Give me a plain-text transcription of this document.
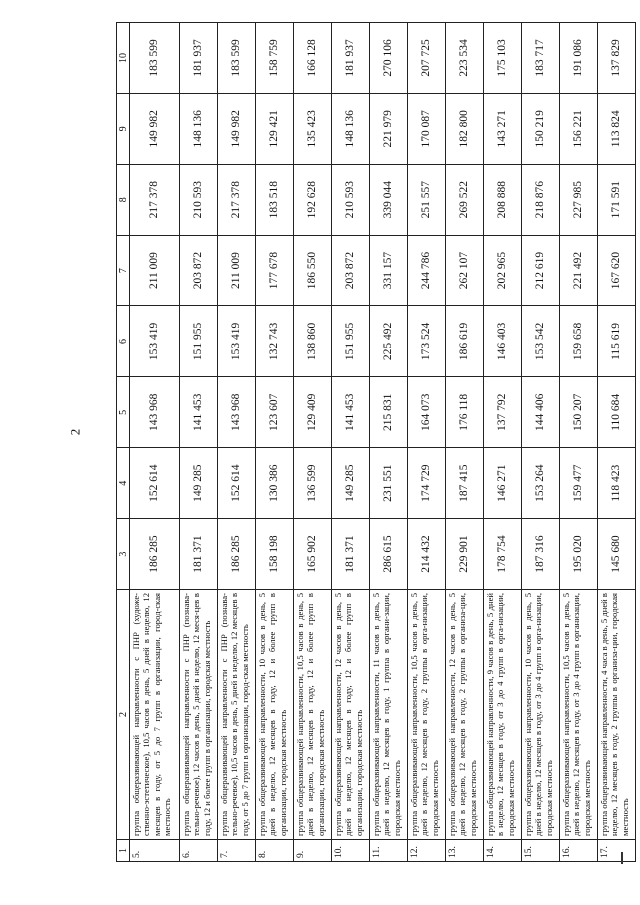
2
1	2	3	4	5	6	7	8	9	10
5.	группа общеразвивающей направленности с ПНР (художе-ственно-эстетическое), 10,5 часов в день, 5 дней в неделю, 12 месяцев в году, от 5 до 7 групп в организации, город-ская местность	186 285	152 614	143 968	153 419	211 009	217 378	149 982	183 599
6.	группа общеразвивающей направленности с ПНР (познава-тельно-речевое), 12 часов в день, 5 дней в неделю, 12 меся-цев в году, 12 и более групп в организации, городская местность	181 371	149 285	141 453	151 955	203 872	210 593	148 136	181 937
7.	группа общеразвивающей направленности с ПНР (познава-тельно-речевое), 10,5 часов в день, 5 дней в неделю, 12 месяцев в году, от 5 до 7 групп в организации, город-ская местность	186 285	152 614	143 968	153 419	211 009	217 378	149 982	183 599
8.	группа общеразвивающей направленности, 10 часов в день, 5 дней в неделю, 12 месяцев в году, 12 и более групп в организации, городская местность	158 198	130 386	123 607	132 743	177 678	183 518	129 421	158 759
9.	группа общеразвивающей направленности, 10,5 часов в день, 5 дней в неделю, 12 месяцев в году, 12 и более групп в организации, городская местность	165 902	136 599	129 409	138 860	186 550	192 628	135 423	166 128
10.	группа общеразвивающей направленности, 12 часов в день, 5 дней в неделю, 12 месяцев в году, 12 и более групп в организации, городская местность	181 371	149 285	141 453	151 955	203 872	210 593	148 136	181 937
11.	группа общеразвивающей направленности, 11 часов в день, 5 дней в неделю, 12 месяцев в году, 1 группа в органи-зации, городская местность	286 615	231 551	215 831	225 492	331 157	339 044	221 979	270 106
12.	группа общеразвивающей направленности, 10,5 часов в день, 5 дней в неделю, 12 месяцев в году, 2 группы в орга-низации, городская местность	214 432	174 729	164 073	173 524	244 786	251 557	170 087	207 725
13.	группа общеразвивающей направленности, 12 часов в день, 5 дней в неделю, 12 месяцев в году, 2 группы в организа-ции, городская местность	229 901	187 415	176 118	186 619	262 107	269 522	182 800	223 534
14.	группа общеразвивающей направленности, 9 часов в день, 5 дней в неделю, 12 месяцев в году, от 3 до 4 групп в орга-низации, городская местность	178 754	146 271	137 792	146 403	202 965	208 888	143 271	175 103
15.	группа общеразвивающей направленности, 10 часов в день, 5 дней в неделю, 12 месяцев в году, от 3 до 4 групп в орга-низации, городская местность	187 316	153 264	144 406	153 542	212 619	218 876	150 219	183 717
16.	группа общеразвивающей направленности, 10,5 часов в день, 5 дней в неделю, 12 месяцев в году, от 3 до 4 групп в организации, городская местность	195 020	159 477	150 207	159 658	221 492	227 985	156 221	191 086
17.	группа общеразвивающей направленности, 4 часа в день, 5 дней в неделю, 12 месяцев в году, 2 группы в организа-ции, городская местность	145 680	118 423	110 684	115 619	167 620	171 591	113 824	137 829
